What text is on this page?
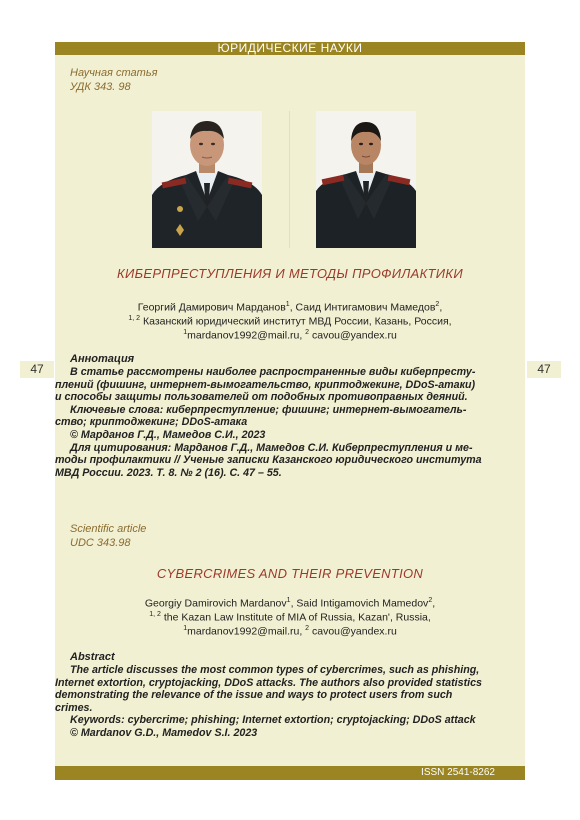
ЮРИДИЧЕСКИЕ НАУКИ
Научная статья
УДК 343. 98
КИБЕРПРЕСТУПЛЕНИЯ И МЕТОДЫ ПРОФИЛАКТИКИ
Георгий Дамирович Марданов$^1$, Саид Интигамович Мамедов$^2$,
$^{1, 2}$ Казанский юридический институт МВД России, Казань, Россия,
$^1$mardanov1992@mail.ru, $^2$ cavou@yandex.ru
47	47
Аннотация
В статье рассмотрены наиболее распространенные виды киберпресту-
плений (фишинг, интернет-вымогательство, криптоджекинг, DDoS-атаки)
и способы защиты пользователей от подобных противоправных деяний.
Ключевые слова: киберпреступление; фишинг; интернет-вымогатель-
ство; криптоджекинг; DDoS-атака
© Марданов Г.Д., Мамедов С.И., 2023
Для цитирования: Марданов Г.Д., Мамедов С.И. Киберпреступления и ме-
тоды профилактики // Ученые записки Казанского юридического института
МВД России. 2023. Т. 8. № 2 (16). С. 47 – 55.
Scientific article
UDC 343.98
CYBERCRIMES AND THEIR PREVENTION
Georgiy Damirovich Mardanov$^1$, Said Intigamovich Mamedov$^2$,
$^{1, 2}$ the Kazan Law Institute of MIA of Russia, Kazan', Russia,
$^1$mardanov1992@mail.ru, $^2$ cavou@yandex.ru
Abstract
The article discusses the most common types of cybercrimes, such as phishing,
Internet extortion, cryptojacking, DDoS attacks. The authors also provided statistics
demonstrating the relevance of the issue and ways to protect users from such
crimes.
Keywords: cybercrime; phishing; Internet extortion; cryptojacking; DDoS attack
© Mardanov G.D., Mamedov S.I. 2023
ISSN 2541-8262
